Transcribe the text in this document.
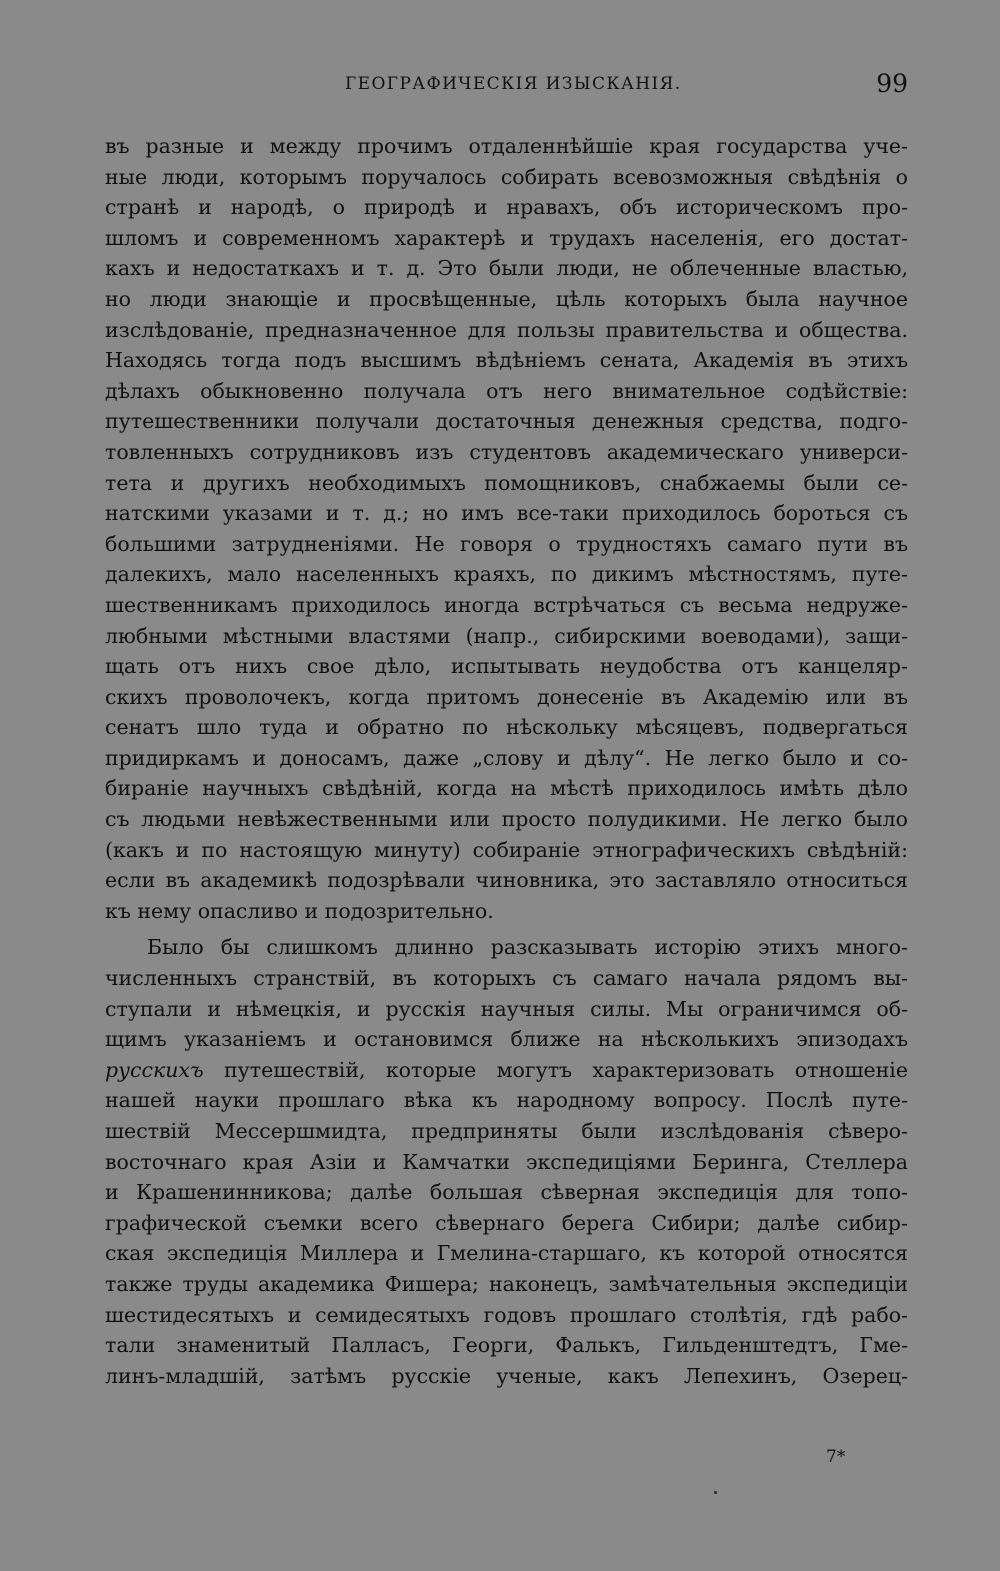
ГЕОГРАФИЧЕСКІЯ ИЗЫСКАНІЯ.	99
въ разные и между прочимъ отдаленнѣйшіе края государства уче-
ные люди, которымъ поручалось собирать всевозможныя свѣдѣнія о
странѣ и народѣ, о природѣ и нравахъ, объ историческомъ про-
шломъ и современномъ характерѣ и трудахъ населенія, его достат-
кахъ и недостаткахъ и т. д. Это были люди, не облеченные властью,
но люди знающіе и просвѣщенные, цѣль которыхъ была научное
изслѣдованіе, предназначенное для пользы правительства и общества.
Находясь тогда подъ высшимъ вѣдѣніемъ сената, Академія въ этихъ
дѣлахъ обыкновенно получала отъ него внимательное содѣйствіе:
путешественники получали достаточныя денежныя средства, подго-
товленныхъ сотрудниковъ изъ студентовъ академическаго универси-
тета и другихъ необходимыхъ помощниковъ, снабжаемы были се-
натскими указами и т. д.; но имъ все-таки приходилось бороться съ
большими затрудненіями. Не говоря о трудностяхъ самаго пути въ
далекихъ, мало населенныхъ краяхъ, по дикимъ мѣстностямъ, путе-
шественникамъ приходилось иногда встрѣчаться съ весьма недруже-
любными мѣстными властями (напр., сибирскими воеводами), защи-
щать отъ нихъ свое дѣло, испытывать неудобства отъ канцеляр-
скихъ проволочекъ, когда притомъ донесеніе въ Академію или въ
сенатъ шло туда и обратно по нѣскольку мѣсяцевъ, подвергаться
придиркамъ и доносамъ, даже „слову и дѣлу“. Не легко было и со-
бираніе научныхъ свѣдѣній, когда на мѣстѣ приходилось имѣть дѣло
съ людьми невѣжественными или просто полудикими. Не легко было
(какъ и по настоящую минуту) собираніе этнографическихъ свѣдѣній:
если въ академикѣ подозрѣвали чиновника, это заставляло относиться
къ нему опасливо и подозрительно.
Было бы слишкомъ длинно разсказывать исторію этихъ много-
численныхъ странствій, въ которыхъ съ самаго начала рядомъ вы-
ступали и нѣмецкія, и русскія научныя силы. Мы ограничимся об-
щимъ указаніемъ и остановимся ближе на нѣсколькихъ эпизодахъ
русскихъ путешествій, которые могутъ характеризовать отношеніе
нашей науки прошлаго вѣка къ народному вопросу. Послѣ путе-
шествій Мессершмидта, предприняты были изслѣдованія сѣверо-
восточнаго края Азіи и Камчатки экспедиціями Беринга, Стеллера
и Крашенинникова; далѣе большая сѣверная экспедиція для топо-
графической съемки всего сѣвернаго берега Сибири; далѣе сибир-
ская экспедиція Миллера и Гмелина-старшаго, къ которой относятся
также труды академика Фишера; наконецъ, замѣчательныя экспедиціи
шестидесятыхъ и семидесятыхъ годовъ прошлаго столѣтія, гдѣ рабо-
тали знаменитый Палласъ, Георги, Фалькъ, Гильденштедтъ, Гме-
линъ-младшій, затѣмъ русскіе ученые, какъ Лепехинъ, Озерец-
7*
